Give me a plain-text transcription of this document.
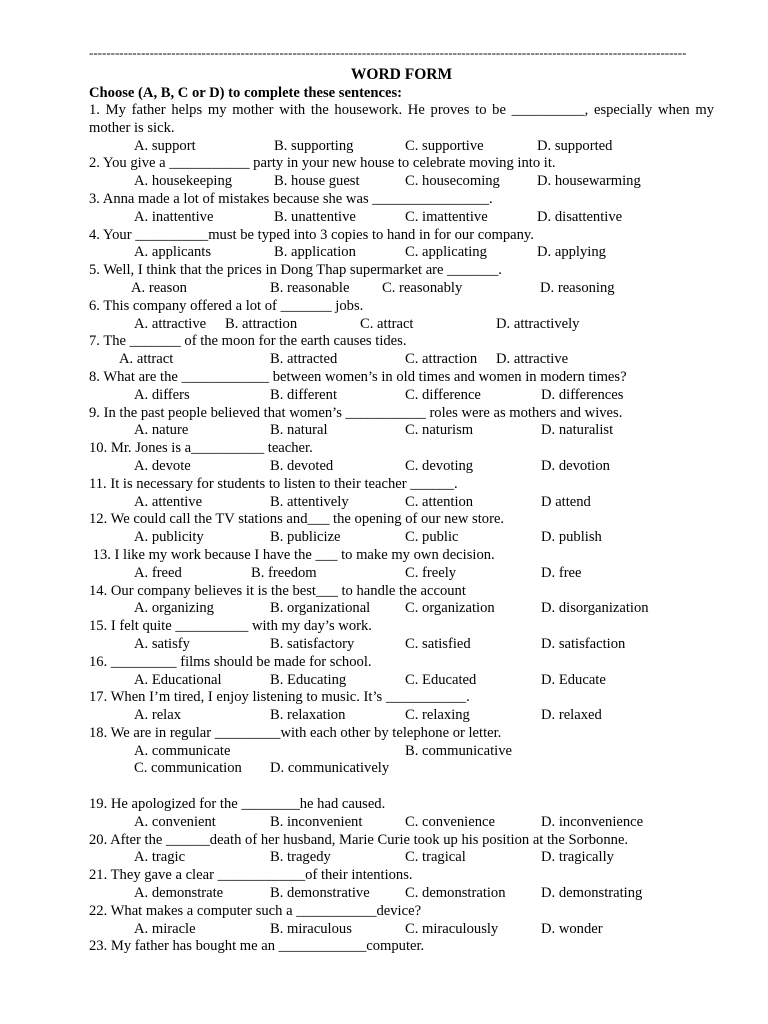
------------------------------------------------------------------------------------------------------------------------------------------
WORD FORM
Choose (A, B, C or D) to complete these sentences:
1. My father helps my mother with the housework. He proves to be __________, especially when my mother is sick.
A. support	B. supporting	C. supportive	D. supported
2. You give a ___________ party in your new house to celebrate moving into it.
A. housekeeping	B. house guest	C. housecoming	D. housewarming
3. Anna made a lot of mistakes because she was ________________.
A. inattentive	B. unattentive	C. imattentive	D. disattentive
4. Your __________must be typed into 3 copies to hand in for our company.
A. applicants	B. application	C. applicating	D. applying
5. Well, I think that the prices in Dong Thap supermarket are _______.
A. reason	B. reasonable C. reasonably	D. reasoning
6. This company offered a lot of _______ jobs.
A. attractive B. attraction	C. attract	D. attractively
7. The _______ of the moon for the earth causes tides.
A. attract	B. attracted	C. attraction D. attractive
8. What are the ____________ between women’s in old times and women in modern times?
A. differs	B. different	C. difference	D. differences
9. In the past people believed that women’s ___________ roles were as mothers and wives.
A. nature	B. natural	C. naturism	D. naturalist
10. Mr. Jones is a__________ teacher.
A. devote	B. devoted	C. devoting	D. devotion
11. It is necessary for students to listen to their teacher ______.
A. attentive	B. attentively	C. attention	D attend
12. We could call the TV stations and___ the opening of our new store.
A. publicity	B. publicize	C. public	D. publish
13. I like my work because I have the ___ to make my own decision.
A. freed	B. freedom	C. freely	D. free
14. Our company believes it is the best___ to handle the account
A. organizing	B. organizational C. organization	D. disorganization
15. I felt quite __________ with my day’s work.
A. satisfy	B. satisfactory	C. satisfied	D. satisfaction
16. _________ films should be made for school.
A. Educational	B. Educating	C. Educated	D. Educate
17. When I’m tired, I enjoy listening to music. It’s ___________.
A. relax	B. relaxation	C. relaxing	D. relaxed
18. We are in regular _________with each other by telephone or letter.
A. communicate	B. communicative
C. communication D. communicatively
19. He apologized for the ________he had caused.
A. convenient	B. inconvenient	C. convenience	D. inconvenience
20. After the ______death of her husband, Marie Curie took up his position at the Sorbonne.
A. tragic	B. tragedy	C. tragical	D. tragically
21. They gave a clear ____________of their intentions.
A. demonstrate	B. demonstrative C. demonstration D. demonstrating
22. What makes a computer such a ___________device?
A. miracle	B. miraculous	C. miraculously	D. wonder
23. My father has bought me an ____________computer.
